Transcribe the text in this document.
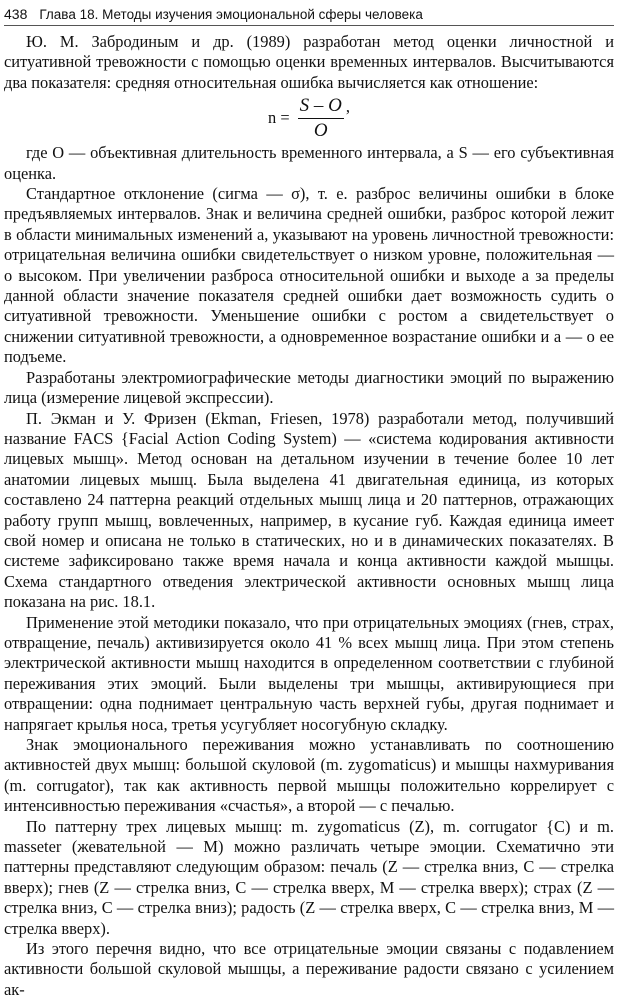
438 Глава 18. Методы изучения эмоциональной сферы человека

Ю. М. Забродиным и др. (1989) разработан метод оценки личностной и ситуативной тревожности с помощью оценки временных интервалов. Высчитываются два показателя: средняя относительная ошибка вычисляется как отношение:

$n = \frac{S - O}{O}$ ,

где O — объективная длительность временного интервала, а S — его субъективная оценка.

Стандартное отклонение (сигма — σ), т. е. разброс величины ошибки в блоке предъявляемых интервалов. Знак и величина средней ошибки, разброс которой лежит в области минимальных изменений a, указывают на уровень личностной тревожности: отрицательная величина ошибки свидетельствует о низком уровне, положительная — о высоком. При увеличении разброса относительной ошибки и выходе а за пределы данной области значение показателя средней ошибки дает возможность судить о ситуативной тревожности. Уменьшение ошибки с ростом a свидетельствует о снижении ситуативной тревожности, а одновременное возрастание ошибки и a — о ее подъеме.

Разработаны электромиографические методы диагностики эмоций по выражению лица (измерение лицевой экспрессии).

П. Экман и У. Фризен (Ekman, Friesen, 1978) разработали метод, получивший название FACS {Facial Action Coding System) — «система кодирования активности лицевых мышц». Метод основан на детальном изучении в течение более 10 лет анатомии лицевых мышц. Была выделена 41 двигательная единица, из которых составлено 24 паттерна реакций отдельных мышц лица и 20 паттернов, отражающих работу групп мышц, вовлеченных, например, в кусание губ. Каждая единица имеет свой номер и описана не только в статических, но и в динамических показателях. В системе зафиксировано также время начала и конца активности каждой мышцы. Схема стандартного отведения электрической активности основных мышц лица показана на рис. 18.1.

Применение этой методики показало, что при отрицательных эмоциях (гнев, страх, отвращение, печаль) активизируется около 41 % всех мышц лица. При этом степень электрической активности мышц находится в определенном соответствии с глубиной переживания этих эмоций. Были выделены три мышцы, активирующиеся при отвращении: одна поднимает центральную часть верхней губы, другая поднимает и напрягает крылья носа, третья усугубляет носогубную складку.

Знак эмоционального переживания можно устанавливать по соотношению активностей двух мышц: большой скуловой (m. zygomaticus) и мышцы нахмуривания (m. corrugator), так как активность первой мышцы положительно коррелирует с интенсивностью переживания «счастья», а второй — с печалью.

По паттерну трех лицевых мышц: m. zygomaticus (Z), m. corrugator {С) и m. masseter (жевательной — M) можно различать четыре эмоции. Схематично эти паттерны представляют следующим образом: печаль (Z — стрелка вниз, C — стрелка вверх); гнев (Z — стрелка вниз, C — стрелка вверх, M — стрелка вверх); страх (Z — стрелка вниз, C — стрелка вниз); радость (Z — стрелка вверх, C — стрелка вниз, M — стрелка вверх).

Из этого перечня видно, что все отрицательные эмоции связаны с подавлением активности большой скуловой мышцы, а переживание радости связано с усилением ак-
